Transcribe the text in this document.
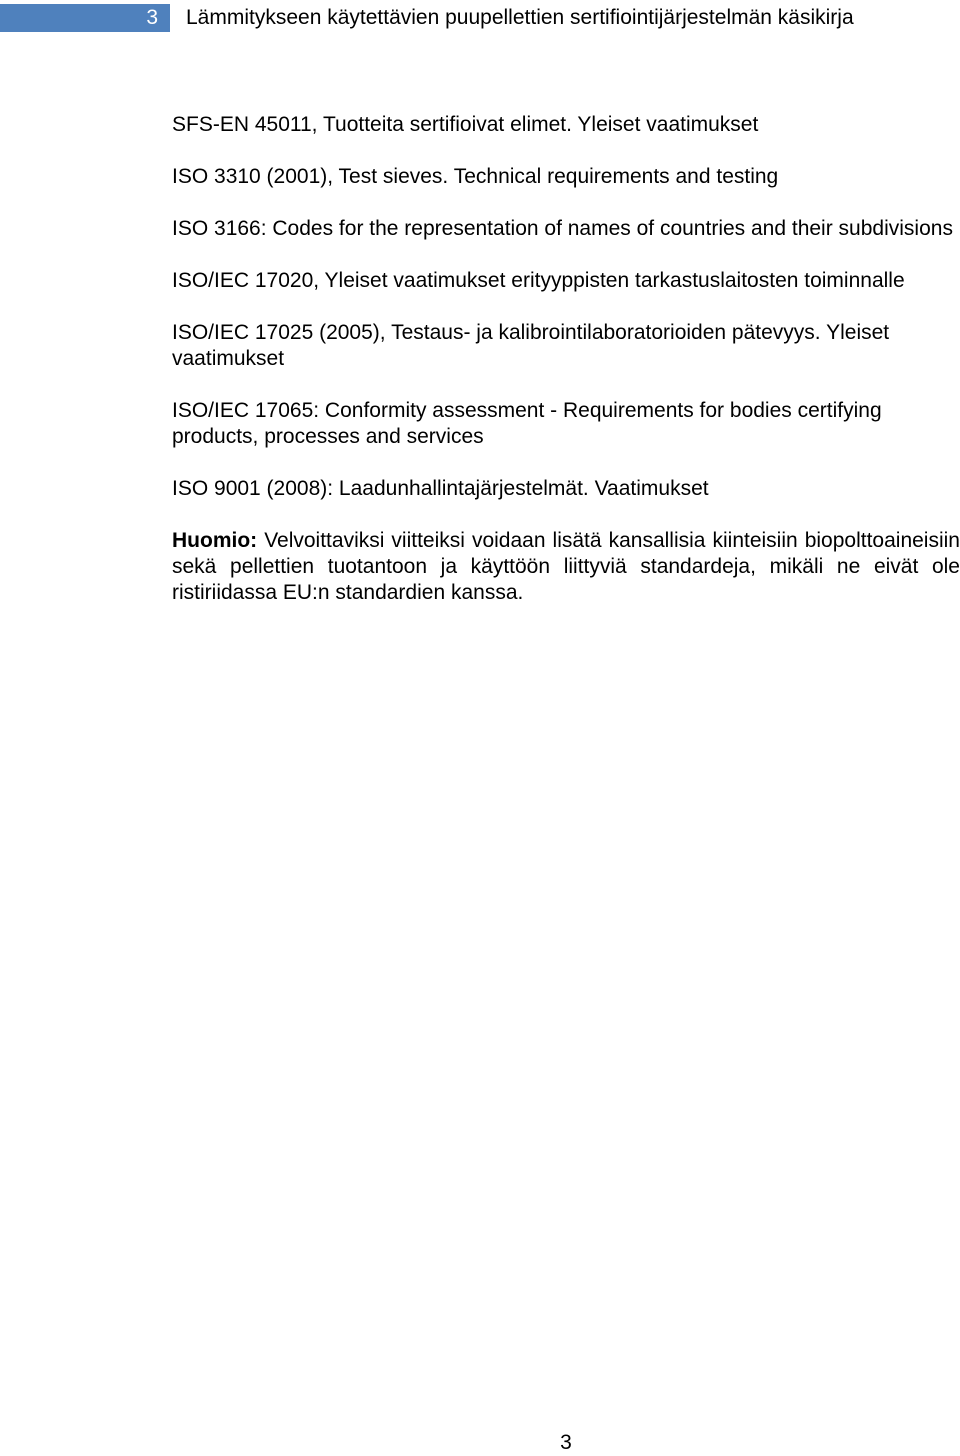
3 Lämmitykseen käytettävien puupellettien sertifiointijärjestelmän käsikirja

SFS-EN 45011, Tuotteita sertifioivat elimet. Yleiset vaatimukset

ISO 3310 (2001), Test sieves. Technical requirements and testing

ISO 3166: Codes for the representation of names of countries and their subdivisions

ISO/IEC 17020, Yleiset vaatimukset erityyppisten tarkastuslaitosten toiminnalle

ISO/IEC 17025 (2005), Testaus- ja kalibrointilaboratorioiden pätevyys. Yleiset vaatimukset

ISO/IEC 17065: Conformity assessment - Requirements for bodies certifying products, processes and services

ISO 9001 (2008): Laadunhallintajärjestelmät. Vaatimukset

Huomio: Velvoittaviksi viitteiksi voidaan lisätä kansallisia kiinteisiin biopolttoaineisiin sekä pellettien tuotantoon ja käyttöön liittyviä standardeja, mikäli ne eivät ole ristiriidassa EU:n standardien kanssa.

3
